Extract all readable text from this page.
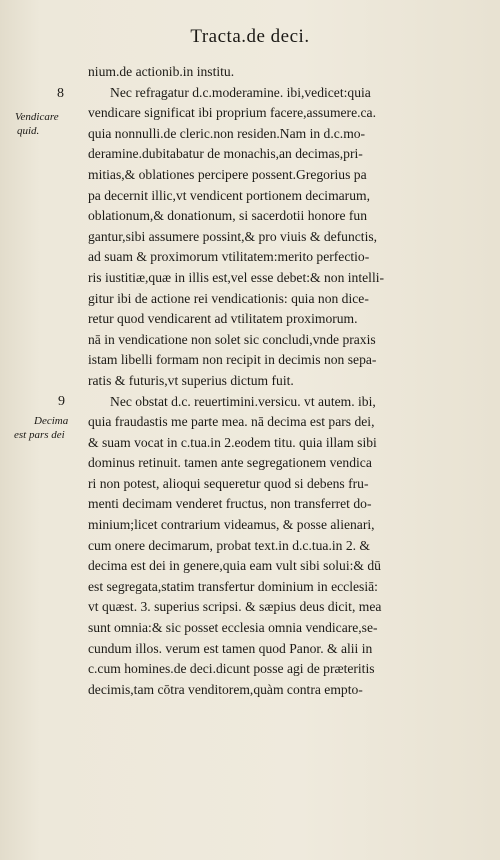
Tracta.de deci.
8
Vendicare
quid.
9
Decima
est pars dei
nium.de actionib.in institu.
Nec refragatur d.c.moderamine. ibi,vedicet:quia
vendicare significat ibi proprium facere,assumere.ca.
quia nonnulli.de cleric.non residen.Nam in d.c.mo-
deramine.dubitabatur de monachis,an decimas,pri-
mitias,& oblationes percipere possent.Gregorius pa
pa decernit illic,vt vendicent portionem decimarum,
oblationum,& donationum, si sacerdotii honore fun
gantur,sibi assumere possint,& pro viuis & defunctis,
ad suam & proximorum vtilitatem:merito perfectio-
ris iustitiæ,quæ in illis est,vel esse debet:& non intelli-
gitur ibi de actione rei vendicationis: quia non dice-
retur quod vendicarent ad vtilitatem proximorum.
nā in vendicatione non solet sic concludi,vnde praxis
istam libelli formam non recipit in decimis non sepa-
ratis & futuris,vt superius dictum fuit.
Nec obstat d.c. reuertimini.versicu. vt autem. ibi,
quia fraudastis me parte mea. nā decima est pars dei,
& suam vocat in c.tua.in 2.eodem titu. quia illam sibi
dominus retinuit. tamen ante segregationem vendica
ri non potest, alioqui sequeretur quod si debens fru-
menti decimam venderet fructus, non transferret do-
minium;licet contrarium videamus, & posse alienari,
cum onere decimarum, probat text.in d.c.tua.in 2. &
decima est dei in genere,quia eam vult sibi solui:& dū
est segregata,statim transfertur dominium in ecclesiā:
vt quæst. 3. superius scripsi. & sæpius deus dicit, mea
sunt omnia:& sic posset ecclesia omnia vendicare,se-
cundum illos. verum est tamen quod Panor. & alii in
c.cum homines.de deci.dicunt posse agi de præteritis
decimis,tam cōtra venditorem,quàm contra empto-
